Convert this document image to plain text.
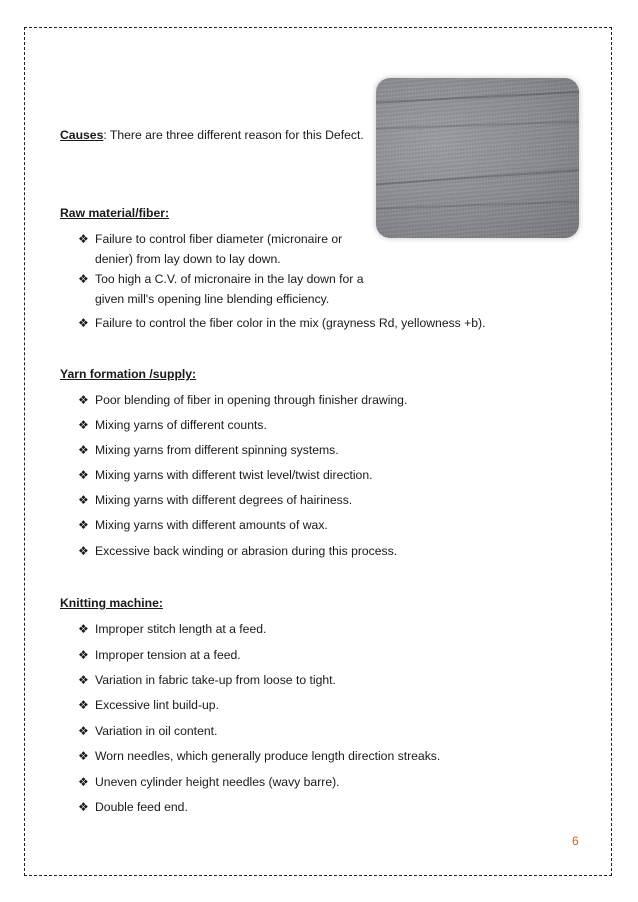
Causes: There are three different reason for this Defect.
Raw material/fiber:
❖ Failure to control fiber diameter (micronaire or denier) from lay down to lay down.
❖ Too high a C.V. of micronaire in the lay down for a given mill's opening line blending efficiency.
❖ Failure to control the fiber color in the mix (grayness Rd, yellowness +b).
Yarn formation /supply:
❖ Poor blending of fiber in opening through finisher drawing.
❖ Mixing yarns of different counts.
❖ Mixing yarns from different spinning systems.
❖ Mixing yarns with different twist level/twist direction.
❖ Mixing yarns with different degrees of hairiness.
❖ Mixing yarns with different amounts of wax.
❖ Excessive back winding or abrasion during this process.
Knitting machine:
❖ Improper stitch length at a feed.
❖ Improper tension at a feed.
❖ Variation in fabric take-up from loose to tight.
❖ Excessive lint build-up.
❖ Variation in oil content.
❖ Worn needles, which generally produce length direction streaks.
❖ Uneven cylinder height needles (wavy barre).
❖ Double feed end.
6
